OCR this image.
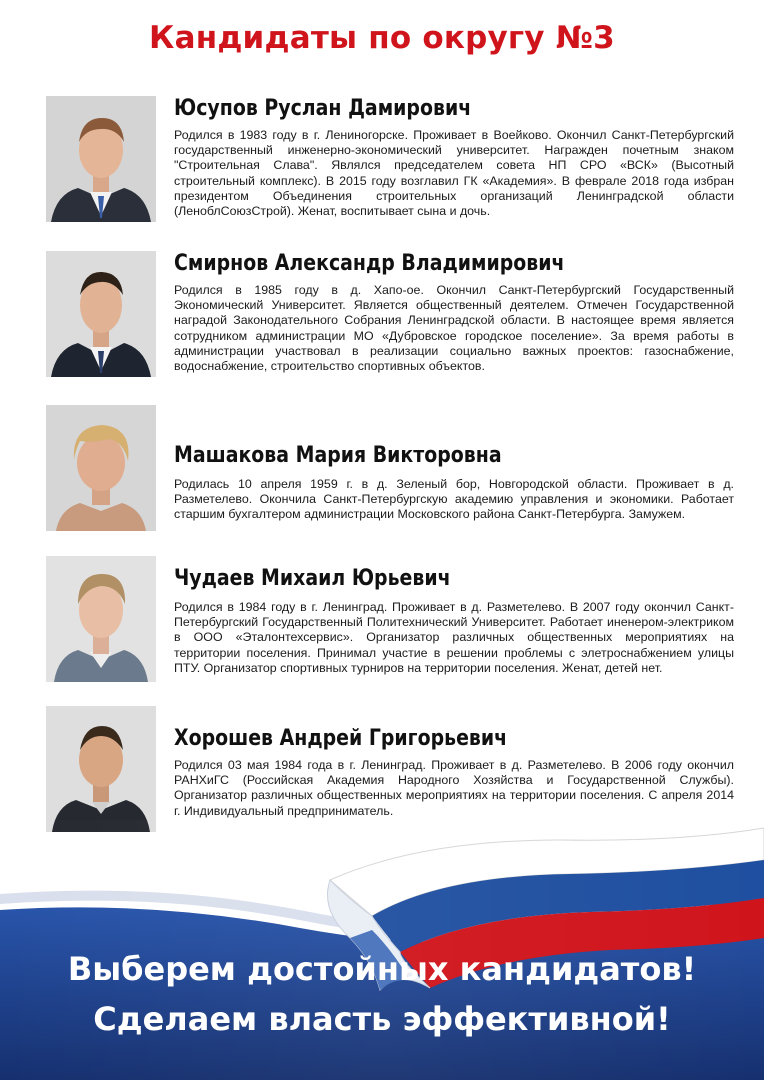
Кандидаты по округу №3
Юсупов Руслан Дамирович
Родился в 1983 году в г. Лениногорске. Проживает в Воейково. Окончил Санкт-Петербургский государственный инженерно-экономический университет. Награжден почетным знаком "Строительная Слава". Являлся председателем совета НП СРО «ВСК» (Высотный строительный комплекс). В 2015 году возглавил ГК «Академия». В феврале 2018 года избран президентом Объединения строительных организаций Ленинградской области (ЛеноблСоюзСтрой). Женат, воспитывает сына и дочь.
Смирнов Александр Владимирович
Родился в 1985 году в д. Хапо-ое. Окончил Санкт-Петербургский Государственный Экономический Университет. Является общественный деятелем. Отмечен Государственной наградой Законодательного Собрания Ленинградской области. В настоящее время является сотрудником администрации МО «Дубровское городское поселение». За время работы в администрации участвовал в реализации социально важных проектов: газоснабжение, водоснабжение, строительство спортивных объектов.
Машакова Мария Викторовна
Родилась 10 апреля 1959 г. в д. Зеленый бор, Новгородской области. Проживает в д. Разметелево. Окончила Санкт-Петербургскую академию управления и экономики. Работает старшим бухгалтером администрации Московского района Санкт-Петербурга. Замужем.
Чудаев Михаил Юрьевич
Родился в 1984 году в г. Ленинград. Проживает в д. Разметелево. В 2007 году окончил Санкт-Петербургский Государственный Политехнический Университет. Работает иненером-электриком в ООО «Эталонтехсервис». Организатор различных общественных мероприятиях на территории поселения. Принимал участие в решении проблемы с элетроснабжением улицы ПТУ. Организатор спортивных турниров на территории поселения. Женат, детей нет.
Хорошев Андрей Григорьевич
Родился 03 мая 1984 года в г. Ленинград. Проживает в д. Разметелево. В 2006 году окончил РАНХиГС (Российская Академия Народного Хозяйства и Государственной Службы). Организатор различных общественных мероприятиях на территории поселения. С апреля 2014 г. Индивидуальный предприниматель.
Выберем достойных кандидатов!
Сделаем власть эффективной!
